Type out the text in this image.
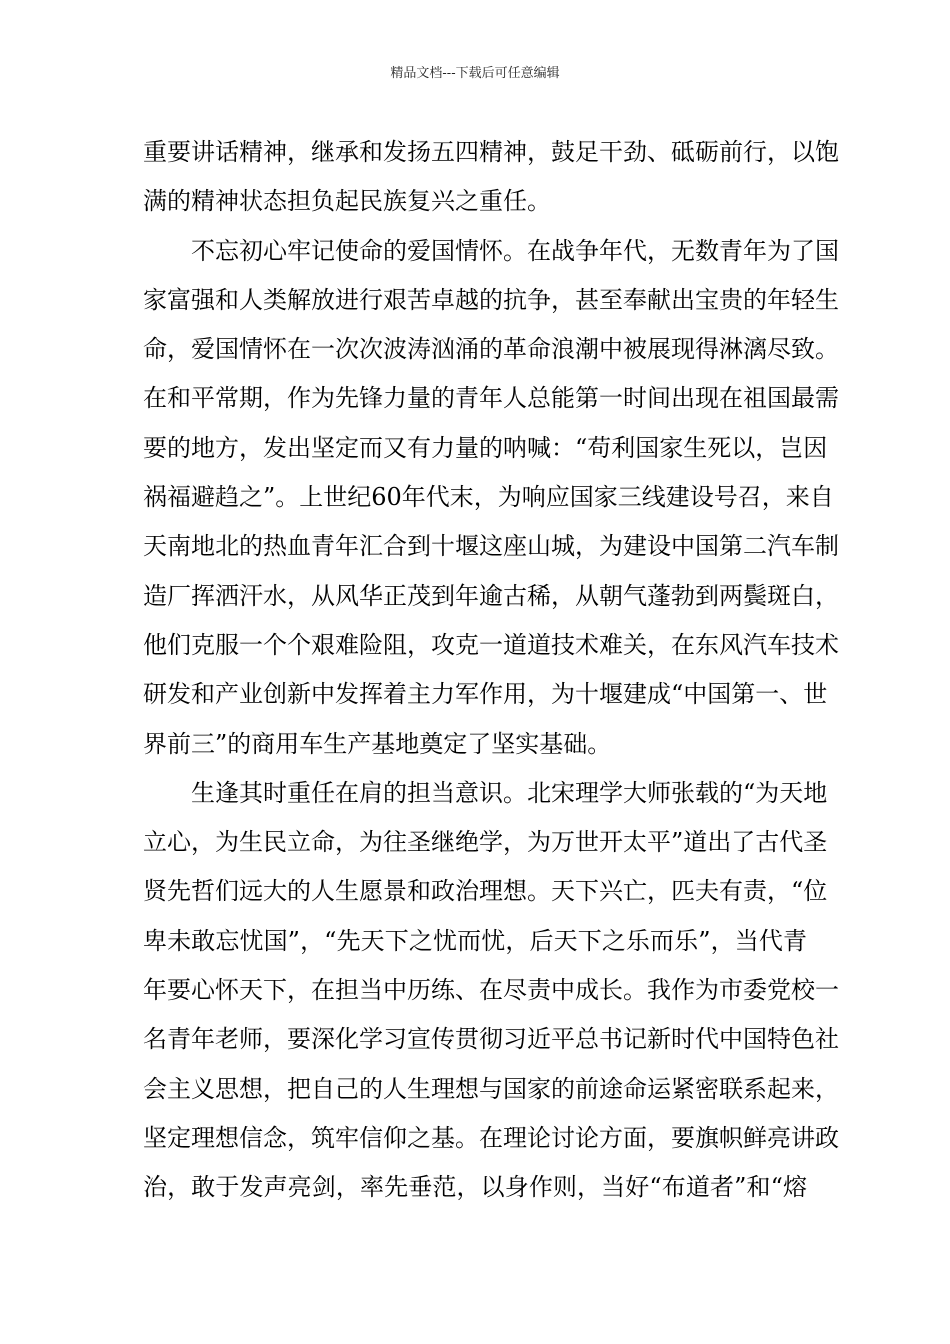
精品文档---下载后可任意编辑
重要讲话精神，继承和发扬五四精神，鼓足干劲、砥砺前行，以饱
满的精神状态担负起民族复兴之重任。
不忘初心牢记使命的爱国情怀。在战争年代，无数青年为了国
家富强和人类解放进行艰苦卓越的抗争，甚至奉献出宝贵的年轻生
命，爱国情怀在一次次波涛汹涌的革命浪潮中被展现得淋漓尽致。
在和平常期，作为先锋力量的青年人总能第一时间出现在祖国最需
要的地方，发出坚定而又有力量的呐喊：“苟利国家生死以，岂因
祸福避趋之”。上世纪60年代末，为响应国家三线建设号召，来自
天南地北的热血青年汇合到十堰这座山城，为建设中国第二汽车制
造厂挥洒汗水，从风华正茂到年逾古稀，从朝气蓬勃到两鬓斑白，
他们克服一个个艰难险阻，攻克一道道技术难关，在东风汽车技术
研发和产业创新中发挥着主力军作用，为十堰建成“中国第一、世
界前三”的商用车生产基地奠定了坚实基础。
生逢其时重任在肩的担当意识。北宋理学大师张载的“为天地
立心，为生民立命，为往圣继绝学，为万世开太平”道出了古代圣
贤先哲们远大的人生愿景和政治理想。天下兴亡，匹夫有责，“位
卑未敢忘忧国”，“先天下之忧而忧，后天下之乐而乐”，当代青
年要心怀天下，在担当中历练、在尽责中成长。我作为市委党校一
名青年老师，要深化学习宣传贯彻习近平总书记新时代中国特色社
会主义思想，把自己的人生理想与国家的前途命运紧密联系起来，
坚定理想信念，筑牢信仰之基。在理论讨论方面，要旗帜鲜亮讲政
治，敢于发声亮剑，率先垂范，以身作则，当好“布道者”和“熔
